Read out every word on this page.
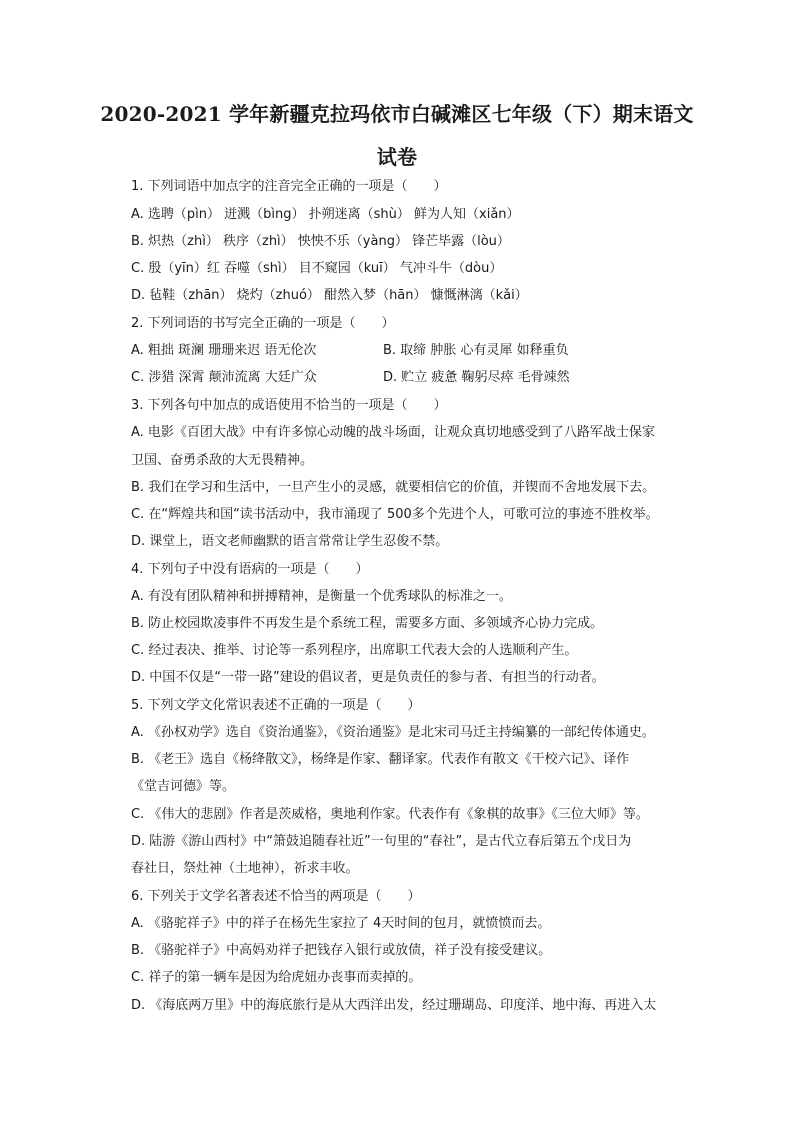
2020-2021 学年新疆克拉玛依市白碱滩区七年级（下）期末语文
试卷
1. 下列词语中加点字的注音完全正确的一项是（　　）
A. 选聘（pìn） 迸溅（bìng） 扑朔迷离（shù） 鲜为人知（xiǎn）
B. 炽热（zhì） 秩序（zhì） 怏怏不乐（yàng） 锋芒毕露（lòu）
C. 殷（yīn）红 吞噬（shì） 目不窥园（kuī） 气冲斗牛（dòu）
D. 毡鞋（zhān） 烧灼（zhuó） 酣然入梦（hān） 慷慨淋漓（kǎi）
2. 下列词语的书写完全正确的一项是（　　）
A. 粗拙 斑澜 珊珊来迟 语无伦次	B. 取缔 肿胀 心有灵犀 如释重负
C. 涉猎 深霄 颠沛流离 大廷广众	D. 贮立 疲惫 鞠躬尽瘁 毛骨竦然
3. 下列各句中加点的成语使用不恰当的一项是（　　）
A. 电影《百团大战》中有许多惊心动魄的战斗场面，让观众真切地感受到了八路军战士保家
卫国、奋勇杀敌的大无畏精神。
B. 我们在学习和生活中，一旦产生小的灵感，就要相信它的价值，并锲而不舍地发展下去。
C. 在“辉煌共和国“读书活动中，我市涌现了 500多个先进个人，可歌可泣的事迹不胜枚举。
D. 课堂上，语文老师幽默的语言常常让学生忍俊不禁。
4. 下列句子中没有语病的一项是（　　）
A. 有没有团队精神和拼搏精神，是衡量一个优秀球队的标准之一。
B. 防止校园欺凌事件不再发生是个系统工程，需要多方面、多领域齐心协力完成。
C. 经过表决、推举、讨论等一系列程序，出席职工代表大会的人选顺利产生。
D. 中国不仅是“一带一路”建设的倡议者，更是负责任的参与者、有担当的行动者。
5. 下列文学文化常识表述不正确的一项是（　　）
A. 《孙权劝学》选自《资治通鉴》，《资治通鉴》是北宋司马迁主持编纂的一部纪传体通史。
B. 《老王》选自《杨绛散文》，杨绛是作家、翻译家。代表作有散文《干校六记》、译作
《堂吉诃德》等。
C. 《伟大的悲剧》作者是茨威格，奥地利作家。代表作有《象棋的故事》《三位大师》等。
D. 陆游《游山西村》中“箫鼓追随春社近”一句里的“春社”，是古代立春后第五个戊日为
春社日，祭灶神（土地神），祈求丰收。
6. 下列关于文学名著表述不恰当的两项是（　　）
A. 《骆驼祥子》中的祥子在杨先生家拉了 4天时间的包月，就愤愤而去。
B. 《骆驼祥子》中高妈劝祥子把钱存入银行或放债，祥子没有接受建议。
C. 祥子的第一辆车是因为给虎妞办丧事而卖掉的。
D. 《海底两万里》中的海底旅行是从大西洋出发，经过珊瑚岛、印度洋、地中海、再进入太
